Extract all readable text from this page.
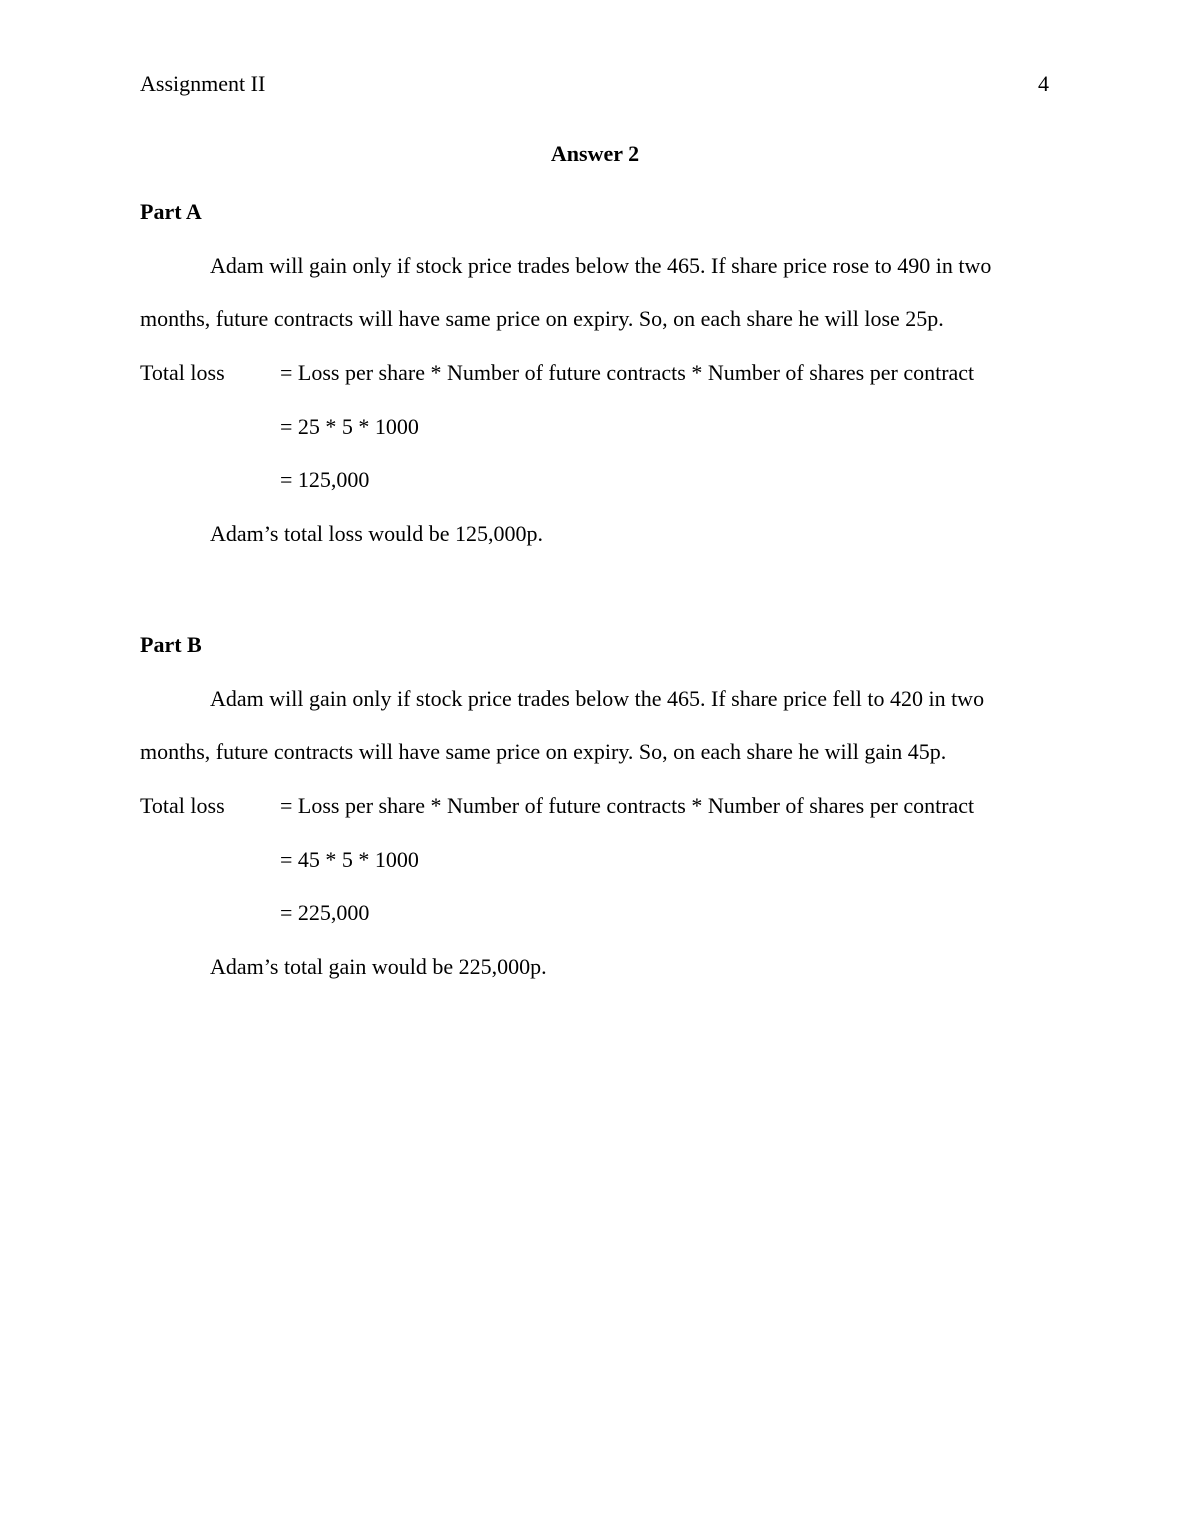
Assignment II	4
Answer 2
Part A
Adam will gain only if stock price trades below the 465. If share price rose to 490 in two
months, future contracts will have same price on expiry. So, on each share he will lose 25p.
Total loss	= Loss per share * Number of future contracts * Number of shares per contract
= 25 * 5 * 1000
= 125,000
Adam’s total loss would be 125,000p.
Part B
Adam will gain only if stock price trades below the 465. If share price fell to 420 in two
months, future contracts will have same price on expiry. So, on each share he will gain 45p.
Total loss	= Loss per share * Number of future contracts * Number of shares per contract
= 45 * 5 * 1000
= 225,000
Adam’s total gain would be 225,000p.
